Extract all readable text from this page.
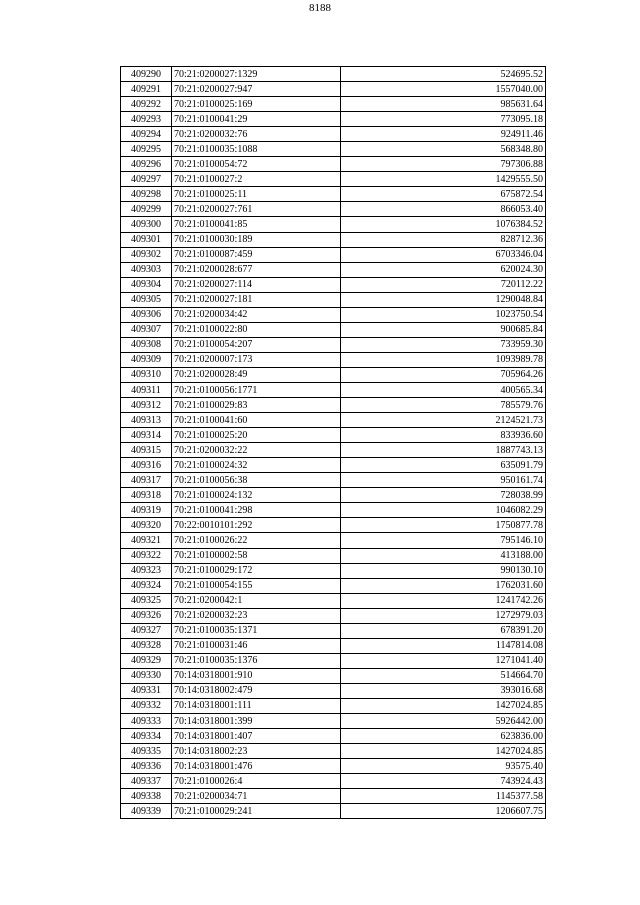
8188
409290	70:21:0200027:1329	524695.52
409291	70:21:0200027:947	1557040.00
409292	70:21:0100025:169	985631.64
409293	70:21:0100041:29	773095.18
409294	70:21:0200032:76	924911.46
409295	70:21:0100035:1088	568348.80
409296	70:21:0100054:72	797306.88
409297	70:21:0100027:2	1429555.50
409298	70:21:0100025:11	675872.54
409299	70:21:0200027:761	866053.40
409300	70:21:0100041:85	1076384.52
409301	70:21:0100030:189	828712.36
409302	70:21:0100087:459	6703346.04
409303	70:21:0200028:677	620024.30
409304	70:21:0200027:114	720112.22
409305	70:21:0200027:181	1290048.84
409306	70:21:0200034:42	1023750.54
409307	70:21:0100022:80	900685.84
409308	70:21:0100054:207	733959.30
409309	70:21:0200007:173	1093989.78
409310	70:21:0200028:49	705964.26
409311	70:21:0100056:1771	400565.34
409312	70:21:0100029:83	785579.76
409313	70:21:0100041:60	2124521.73
409314	70:21:0100025:20	833936.60
409315	70:21:0200032:22	1887743.13
409316	70:21:0100024:32	635091.79
409317	70:21:0100056:38	950161.74
409318	70:21:0100024:132	728038.99
409319	70:21:0100041:298	1046082.29
409320	70:22:0010101:292	1750877.78
409321	70:21:0100026:22	795146.10
409322	70:21:0100002:58	413188.00
409323	70:21:0100029:172	990130.10
409324	70:21:0100054:155	1762031.60
409325	70:21:0200042:1	1241742.26
409326	70:21:0200032:23	1272979.03
409327	70:21:0100035:1371	678391.20
409328	70:21:0100031:46	1147814.08
409329	70:21:0100035:1376	1271041.40
409330	70:14:0318001:910	514664.70
409331	70:14:0318002:479	393016.68
409332	70:14:0318001:111	1427024.85
409333	70:14:0318001:399	5926442.00
409334	70:14:0318001:407	623836.00
409335	70:14:0318002:23	1427024.85
409336	70:14:0318001:476	93575.40
409337	70:21:0100026:4	743924.43
409338	70:21:0200034:71	1145377.58
409339	70:21:0100029:241	1206607.75
